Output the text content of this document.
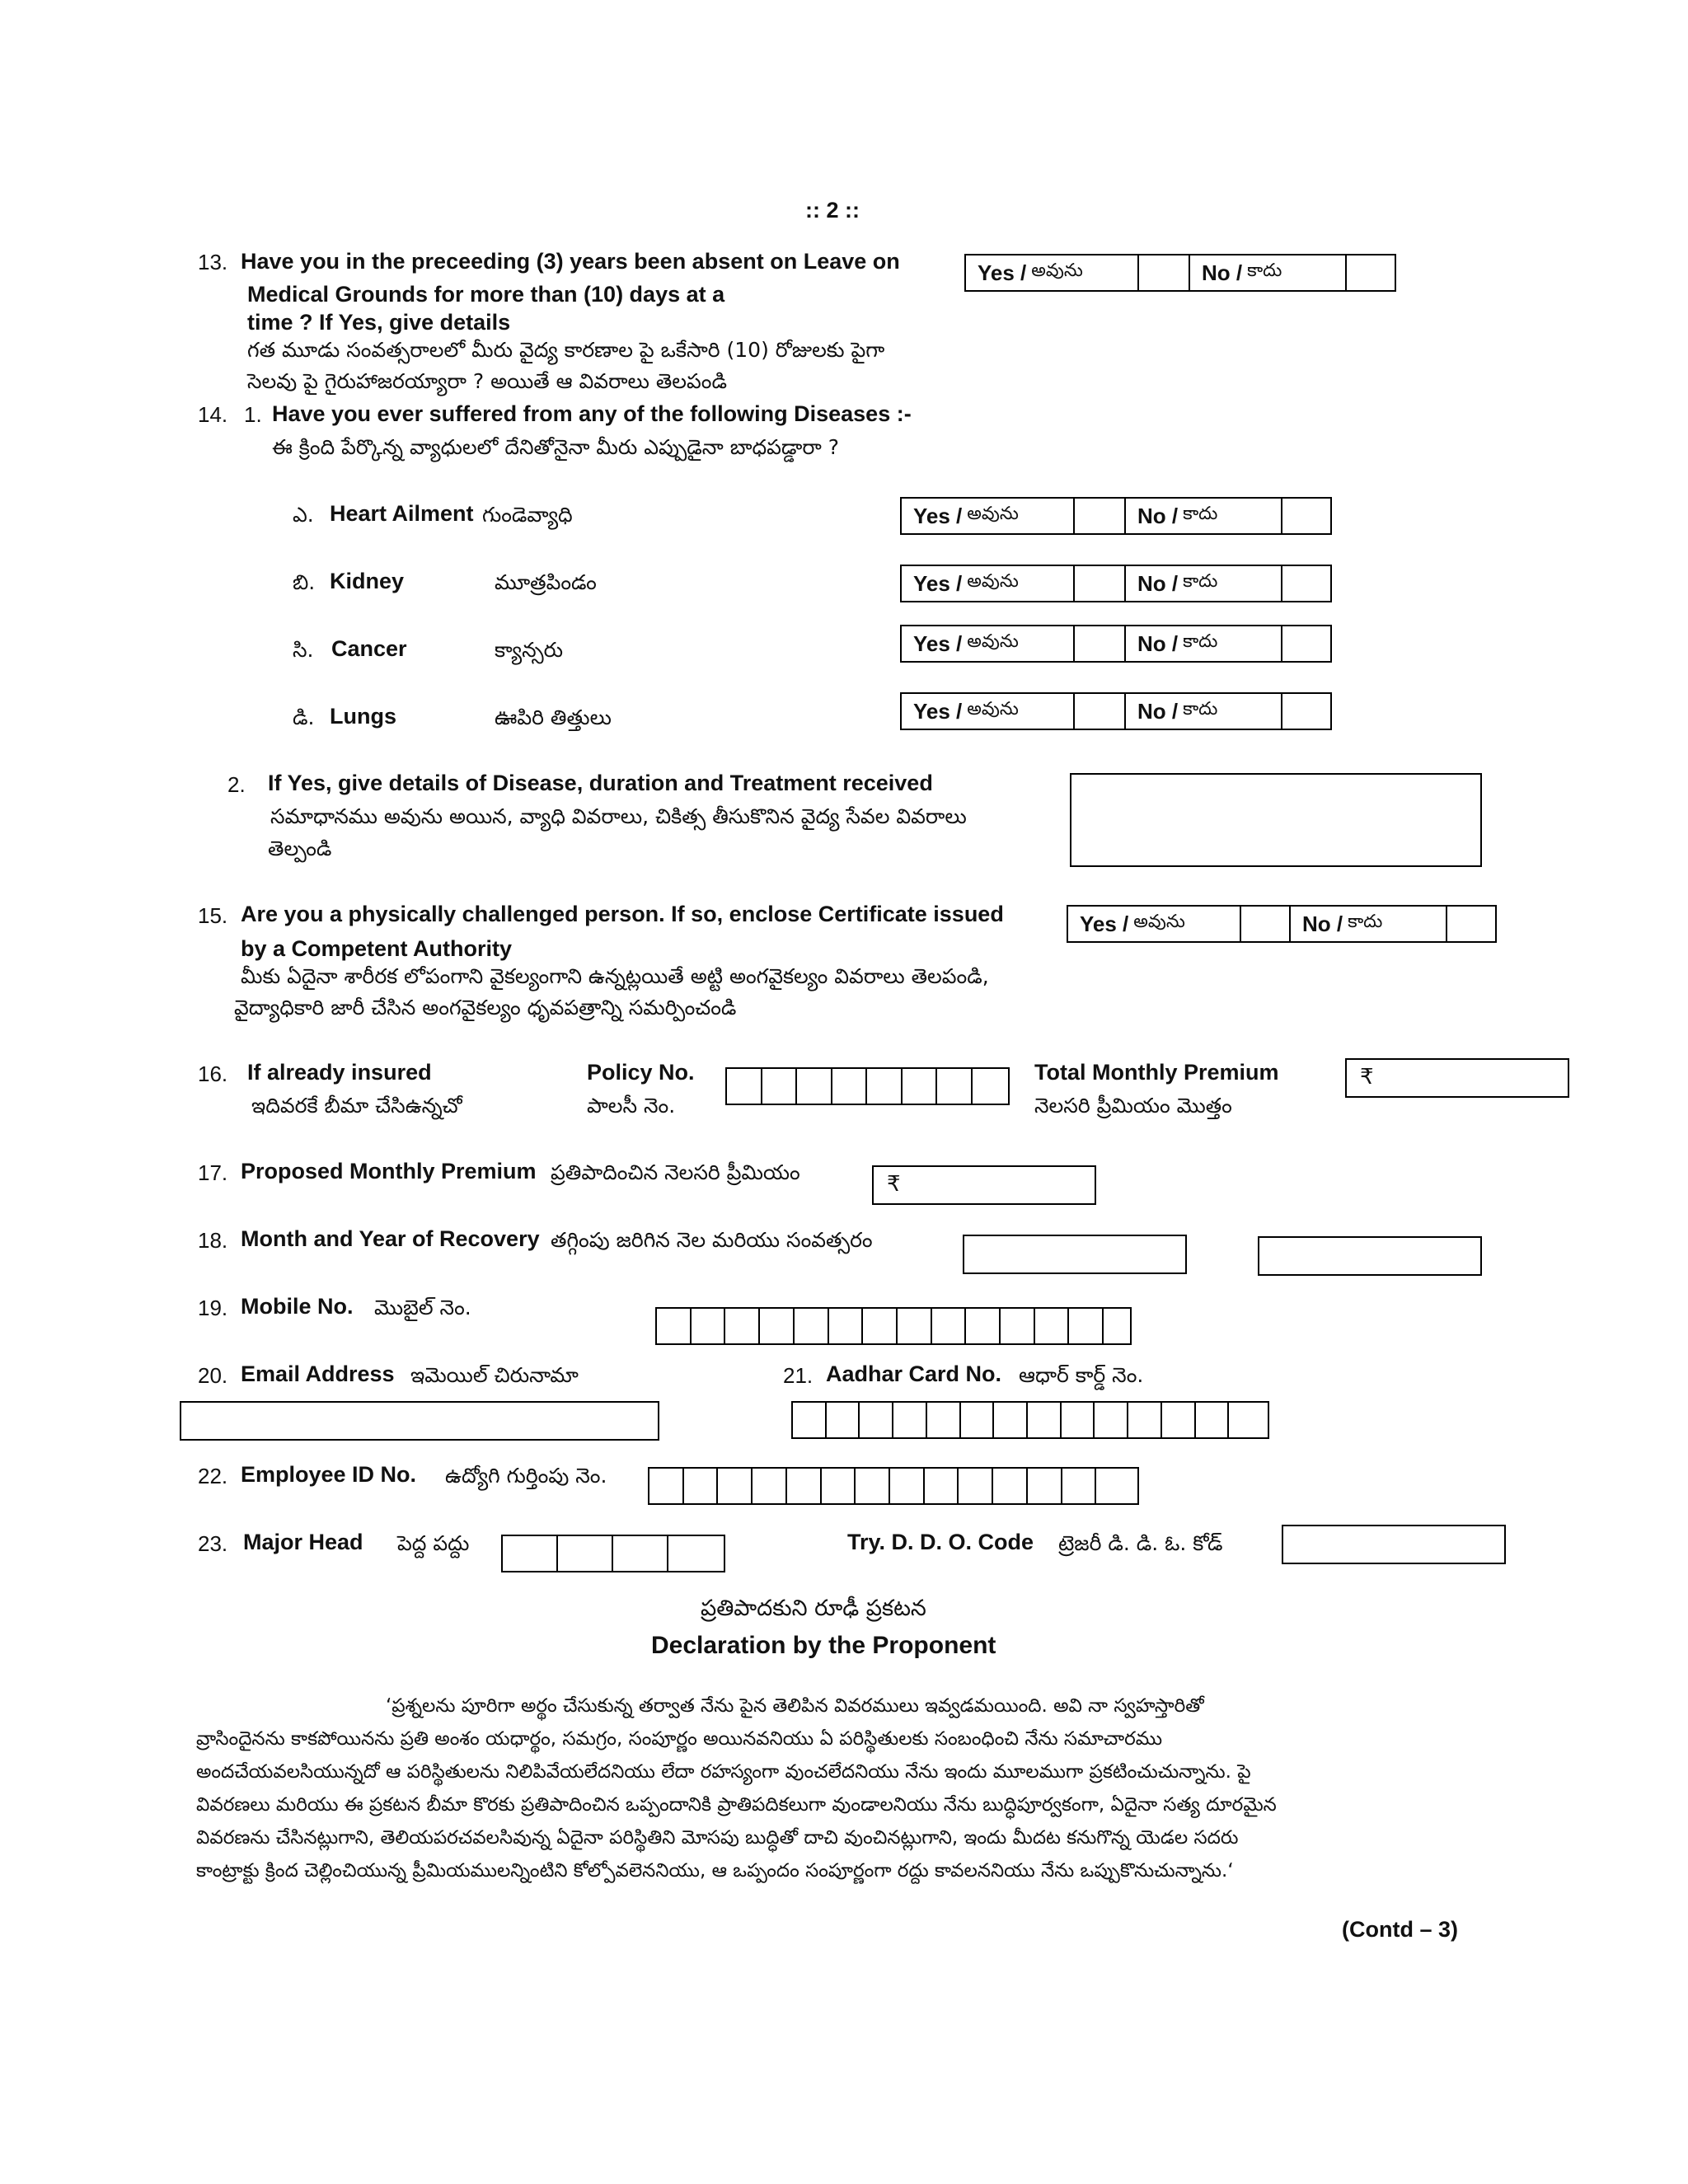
:: 2 ::
13. Have you in the preceeding (3) years been absent on Leave on
Medical Grounds for more than (10) days at a
time ? If Yes, give details
గత మూడు సంవత్సరాలలో మీరు వైద్య కారణాల పై ఒకేసారి (10) రోజులకు పైగా
సెలవు పై గైరుహాజరయ్యారా ? అయితే ఆ వివరాలు తెలపండి
Yes / అవును	No / కాదు
14. 1. Have you ever suffered from any of the following Diseases :-
ఈ క్రింది పేర్కొన్న వ్యాధులలో దేనితోనైనా మీరు ఎప్పుడైనా బాధపడ్డారా ?
ఎ. Heart Ailment గుండెవ్యాధి	Yes / అవును	No / కాదు
బి. Kidney	మూత్రపిండం	Yes / అవును	No / కాదు
సి. Cancer	క్యాన్సరు	Yes / అవును	No / కాదు
డి. Lungs	ఊపిరి తిత్తులు	Yes / అవును	No / కాదు
2. If Yes, give details of Disease, duration and Treatment received
సమాధానము అవును అయిన, వ్యాధి వివరాలు, చికిత్స తీసుకొనిన వైద్య సేవల వివరాలు
తెల్పండి
15. Are you a physically challenged person. If so, enclose Certificate issued
by a Competent Authority
మీకు ఏదైనా శారీరక లోపంగాని వైకల్యంగాని ఉన్నట్లయితే అట్టి అంగవైకల్యం వివరాలు తెలపండి,
వైద్యాధికారి జారీ చేసిన అంగవైకల్యం ధృవపత్రాన్ని సమర్పించండి
Yes / అవును	No / కాదు
16. If already insured
ఇదివరకే బీమా చేసిఉన్నచో
Policy No.
పాలసీ నెం.
Total Monthly Premium
నెలసరి ప్రీమియం మొత్తం
₹
17. Proposed Monthly Premium ప్రతిపాదించిన నెలసరి ప్రీమియం	₹
18. Month and Year of Recovery తగ్గింపు జరిగిన నెల మరియు సంవత్సరం
19. Mobile No. మొబైల్ నెం.
20. Email Address ఇమెయిల్ చిరునామా	21. Aadhar Card No. ఆధార్ కార్డ్ నెం.
22. Employee ID No. ఉద్యోగి గుర్తింపు నెం.
23. Major Head పెద్ద పద్దు	Try. D. D. O. Code ట్రెజరీ డి. డి. ఓ. కోడ్
ప్రతిపాదకుని రూఢీ ప్రకటన
Declaration by the Proponent
‘ప్రశ్నలను పూరిగా అర్థం చేసుకున్న తర్వాత నేను పైన తెలిపిన వివరములు ఇవ్వడమయింది. అవి నా స్వహస్తారితో
వ్రాసిందైనను కాకపోయినను ప్రతి అంశం యధార్థం, సమగ్రం, సంపూర్ణం అయినవనియు ఏ పరిస్థితులకు సంబంధించి నేను సమాచారము
అందచేయవలసియున్నదో ఆ పరిస్థితులను నిలిపివేయలేదనియు లేదా రహస్యంగా వుంచలేదనియు నేను ఇందు మూలముగా ప్రకటించుచున్నాను. పై
వివరణలు మరియు ఈ ప్రకటన బీమా కొరకు ప్రతిపాదించిన ఒప్పందానికి ప్రాతిపదికలుగా వుండాలనియు నేను బుద్ధిపూర్వకంగా, ఏదైనా సత్య దూరమైన
వివరణను చేసినట్లుగాని, తెలియపరచవలసివున్న ఏదైనా పరిస్థితిని మోసపు బుద్ధితో దాచి వుంచినట్లుగాని, ఇందు మీదట కనుగొన్న యెడల సదరు
కాంట్రాక్టు క్రింద చెల్లించియున్న ప్రీమియములన్నింటిని కోల్పోవలెననియు, ఆ ఒప్పందం సంపూర్ణంగా రద్దు కావలననియు నేను ఒప్పుకొనుచున్నాను.‘
(Contd – 3)
